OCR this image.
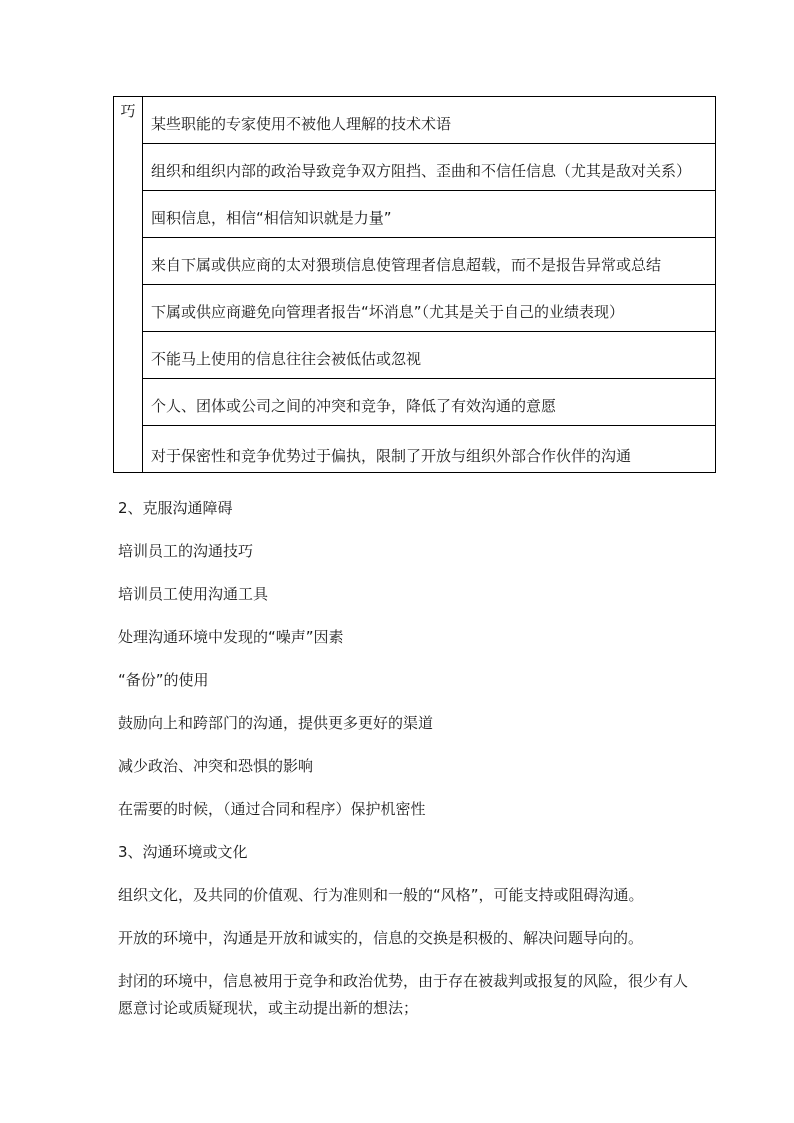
巧
某些职能的专家使用不被他人理解的技术术语
组织和组织内部的政治导致竞争双方阻挡、歪曲和不信任信息（尤其是敌对关系）
囤积信息，相信“相信知识就是力量”
来自下属或供应商的太对猥琐信息使管理者信息超载，而不是报告异常或总结
下属或供应商避免向管理者报告“坏消息”（尤其是关于自己的业绩表现）
不能马上使用的信息往往会被低估或忽视
个人、团体或公司之间的冲突和竞争，降低了有效沟通的意愿
对于保密性和竞争优势过于偏执，限制了开放与组织外部合作伙伴的沟通
2、克服沟通障碍
培训员工的沟通技巧
培训员工使用沟通工具
处理沟通环境中发现的“噪声”因素
“备份”的使用
鼓励向上和跨部门的沟通，提供更多更好的渠道
减少政治、冲突和恐惧的影响
在需要的时候，（通过合同和程序）保护机密性
3、沟通环境或文化
组织文化，及共同的价值观、行为准则和一般的“风格”，可能支持或阻碍沟通。
开放的环境中，沟通是开放和诚实的，信息的交换是积极的、解决问题导向的。
封闭的环境中，信息被用于竞争和政治优势，由于存在被裁判或报复的风险，很少有人愿意讨论或质疑现状，或主动提出新的想法；
